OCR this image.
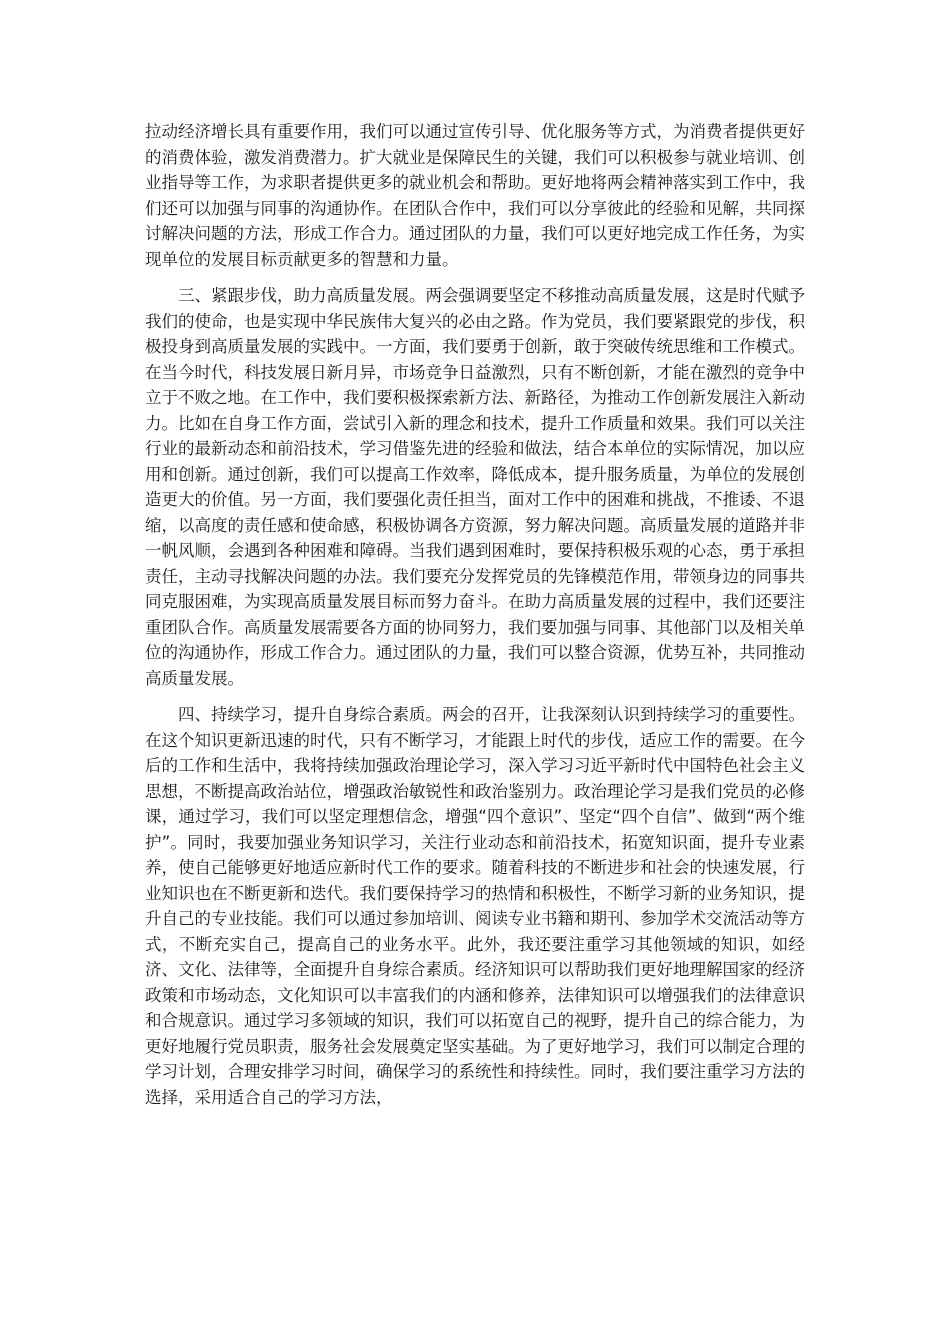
拉动经济增长具有重要作用，我们可以通过宣传引导、优化服务等方式，为消费者提供更好的消费体验，激发消费潜力。扩大就业是保障民生的关键，我们可以积极参与就业培训、创业指导等工作，为求职者提供更多的就业机会和帮助。更好地将两会精神落实到工作中，我们还可以加强与同事的沟通协作。在团队合作中，我们可以分享彼此的经验和见解，共同探讨解决问题的方法，形成工作合力。通过团队的力量，我们可以更好地完成工作任务，为实现单位的发展目标贡献更多的智慧和力量。

三、紧跟步伐，助力高质量发展。两会强调要坚定不移推动高质量发展，这是时代赋予我们的使命，也是实现中华民族伟大复兴的必由之路。作为党员，我们要紧跟党的步伐，积极投身到高质量发展的实践中。一方面，我们要勇于创新，敢于突破传统思维和工作模式。在当今时代，科技发展日新月异，市场竞争日益激烈，只有不断创新，才能在激烈的竞争中立于不败之地。在工作中，我们要积极探索新方法、新路径，为推动工作创新发展注入新动力。比如在自身工作方面，尝试引入新的理念和技术，提升工作质量和效果。我们可以关注行业的最新动态和前沿技术，学习借鉴先进的经验和做法，结合本单位的实际情况，加以应用和创新。通过创新，我们可以提高工作效率，降低成本，提升服务质量，为单位的发展创造更大的价值。另一方面，我们要强化责任担当，面对工作中的困难和挑战，不推诿、不退缩，以高度的责任感和使命感，积极协调各方资源，努力解决问题。高质量发展的道路并非一帆风顺，会遇到各种困难和障碍。当我们遇到困难时，要保持积极乐观的心态，勇于承担责任，主动寻找解决问题的办法。我们要充分发挥党员的先锋模范作用，带领身边的同事共同克服困难，为实现高质量发展目标而努力奋斗。在助力高质量发展的过程中，我们还要注重团队合作。高质量发展需要各方面的协同努力，我们要加强与同事、其他部门以及相关单位的沟通协作，形成工作合力。通过团队的力量，我们可以整合资源，优势互补，共同推动高质量发展。

四、持续学习，提升自身综合素质。两会的召开，让我深刻认识到持续学习的重要性。在这个知识更新迅速的时代，只有不断学习，才能跟上时代的步伐，适应工作的需要。在今后的工作和生活中，我将持续加强政治理论学习，深入学习习近平新时代中国特色社会主义思想，不断提高政治站位，增强政治敏锐性和政治鉴别力。政治理论学习是我们党员的必修课，通过学习，我们可以坚定理想信念，增强“四个意识”、坚定“四个自信”、做到“两个维护”。同时，我要加强业务知识学习，关注行业动态和前沿技术，拓宽知识面，提升专业素养，使自己能够更好地适应新时代工作的要求。随着科技的不断进步和社会的快速发展，行业知识也在不断更新和迭代。我们要保持学习的热情和积极性，不断学习新的业务知识，提升自己的专业技能。我们可以通过参加培训、阅读专业书籍和期刊、参加学术交流活动等方式，不断充实自己，提高自己的业务水平。此外，我还要注重学习其他领域的知识，如经济、文化、法律等，全面提升自身综合素质。经济知识可以帮助我们更好地理解国家的经济政策和市场动态，文化知识可以丰富我们的内涵和修养，法律知识可以增强我们的法律意识和合规意识。通过学习多领域的知识，我们可以拓宽自己的视野，提升自己的综合能力，为更好地履行党员职责，服务社会发展奠定坚实基础。为了更好地学习，我们可以制定合理的学习计划，合理安排学习时间，确保学习的系统性和持续性。同时，我们要注重学习方法的选择，采用适合自己的学习方法，
